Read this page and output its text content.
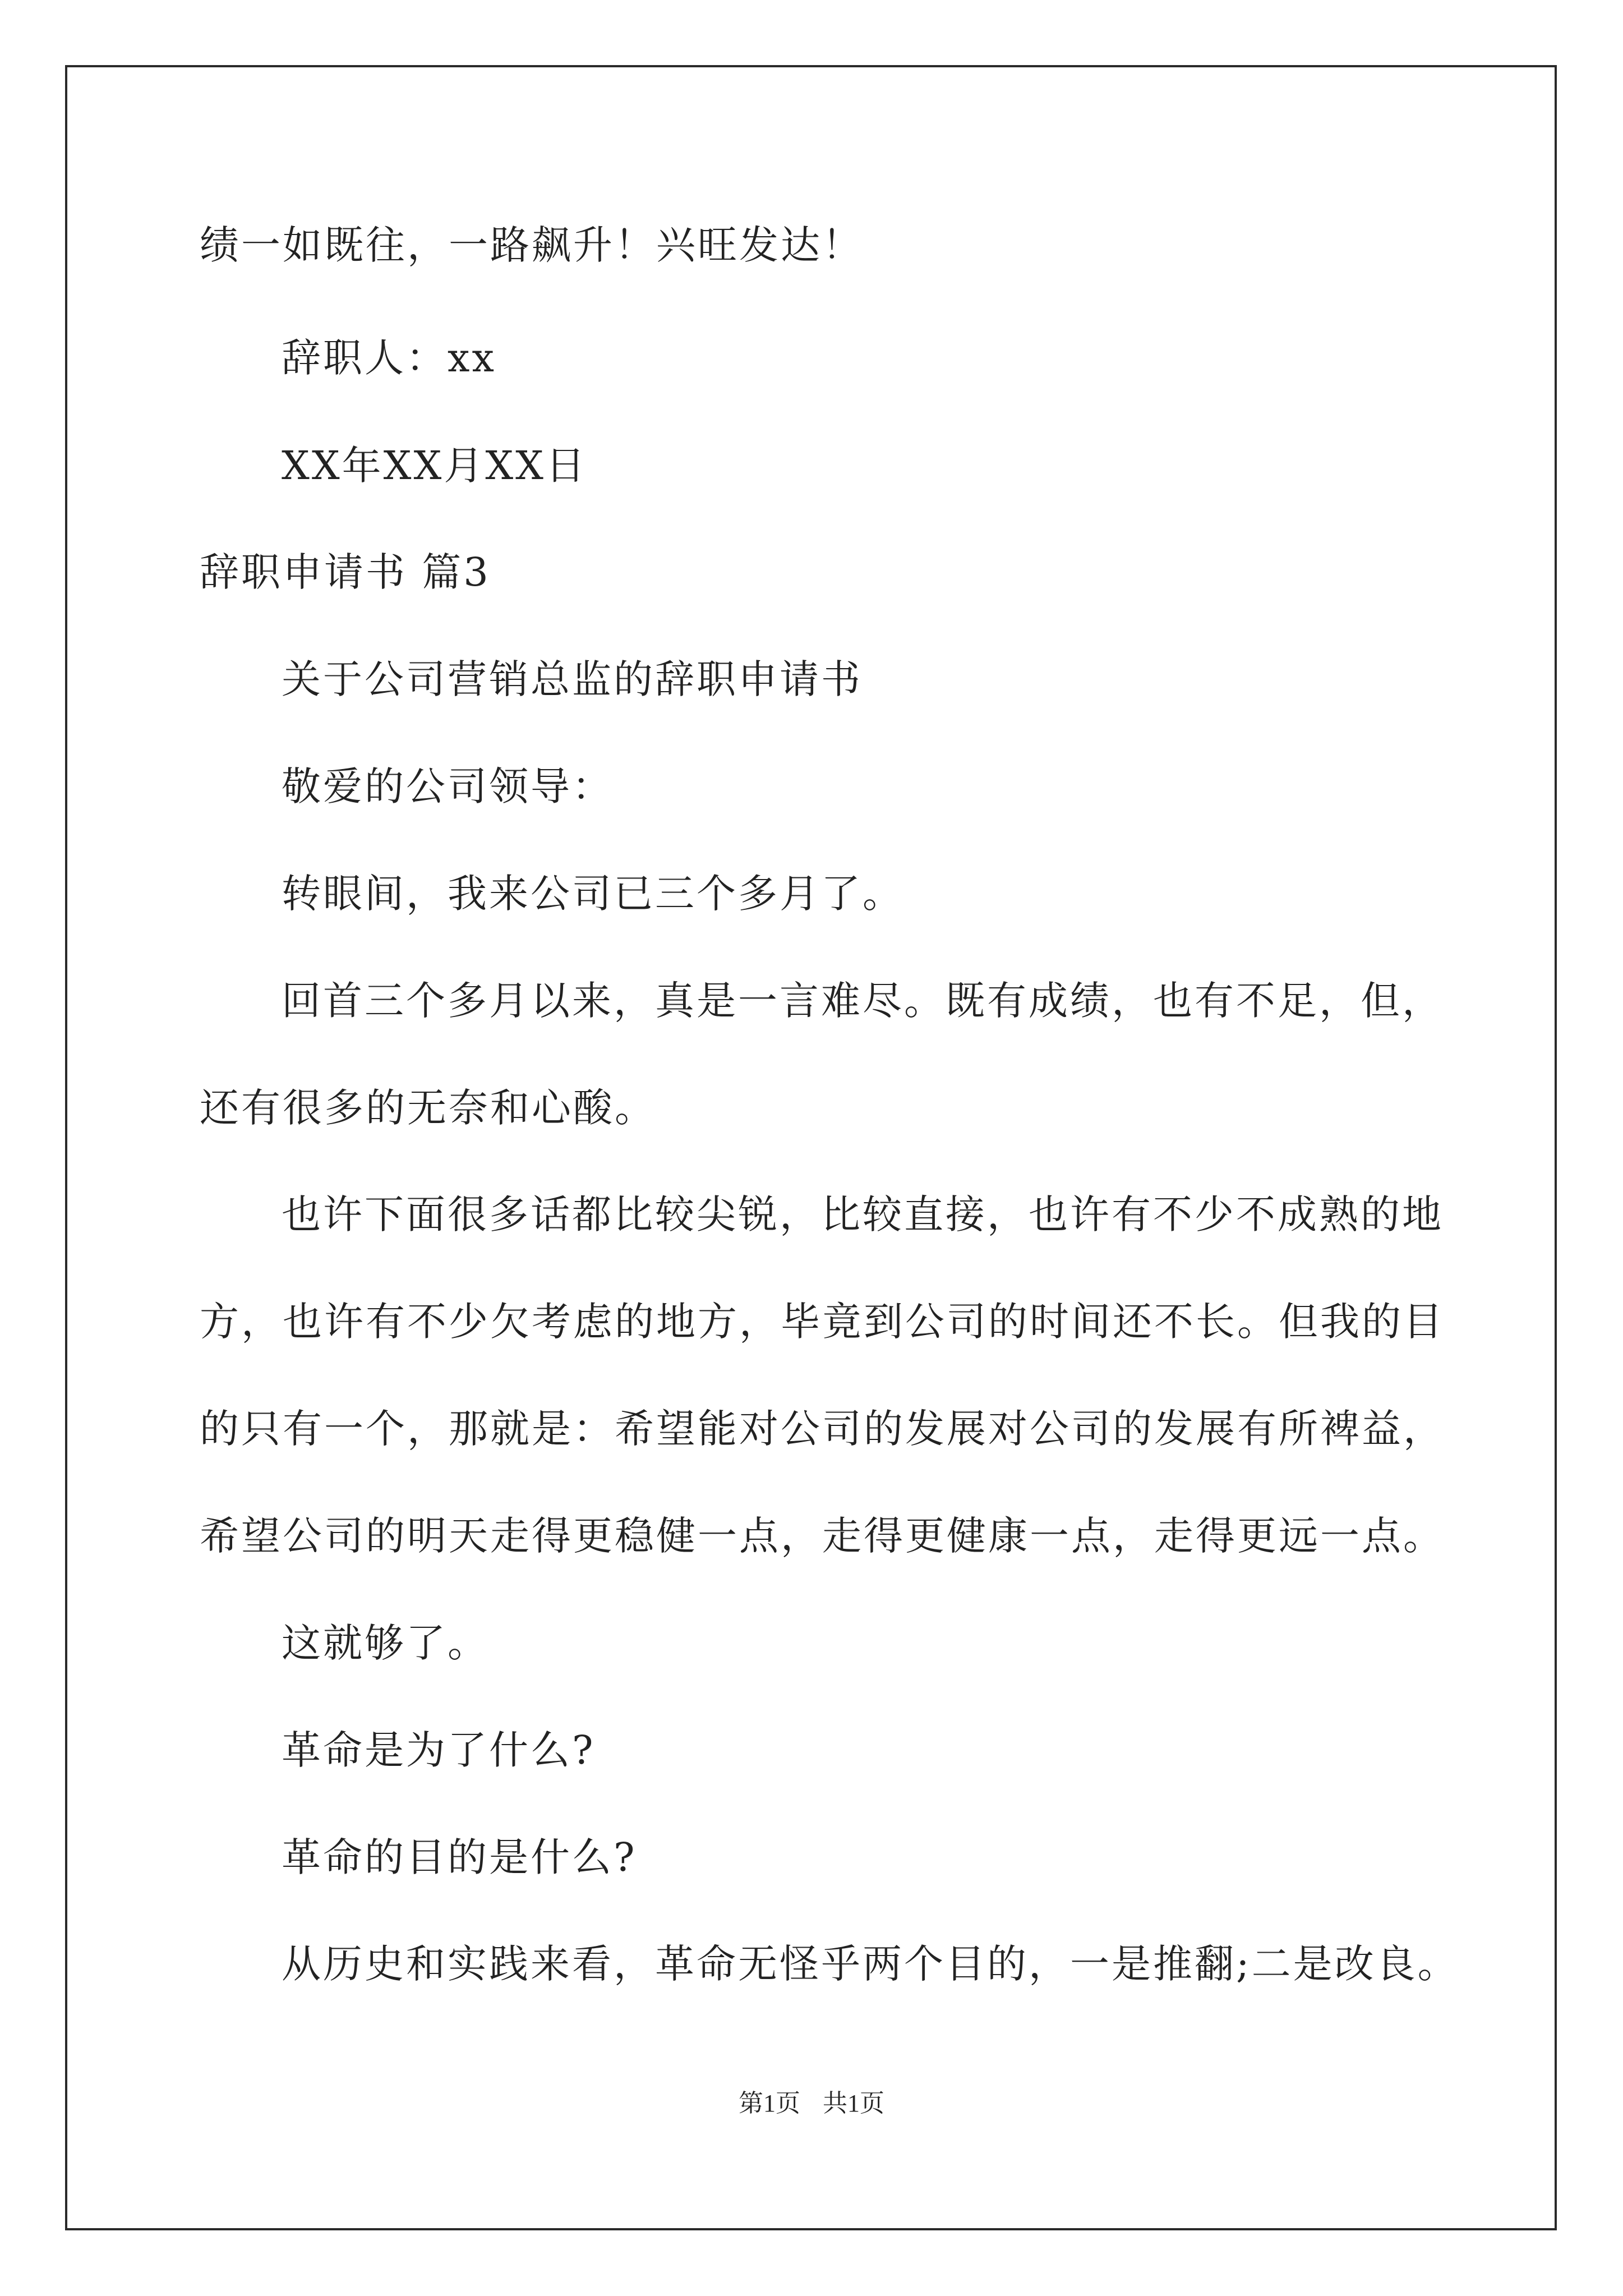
绩一如既往，一路飙升！兴旺发达！
辞职人：xx
XX年XX月XX日
辞职申请书 篇3
关于公司营销总监的辞职申请书
敬爱的公司领导：
转眼间，我来公司已三个多月了。
回首三个多月以来，真是一言难尽。既有成绩，也有不足，但，
还有很多的无奈和心酸。
也许下面很多话都比较尖锐，比较直接，也许有不少不成熟的地
方，也许有不少欠考虑的地方，毕竟到公司的时间还不长。但我的目
的只有一个，那就是：希望能对公司的发展对公司的发展有所裨益，
希望公司的明天走得更稳健一点，走得更健康一点，走得更远一点。
这就够了。
革命是为了什么?
革命的目的是什么?
从历史和实践来看，革命无怪乎两个目的，一是推翻;二是改良。
第1页 共1页
